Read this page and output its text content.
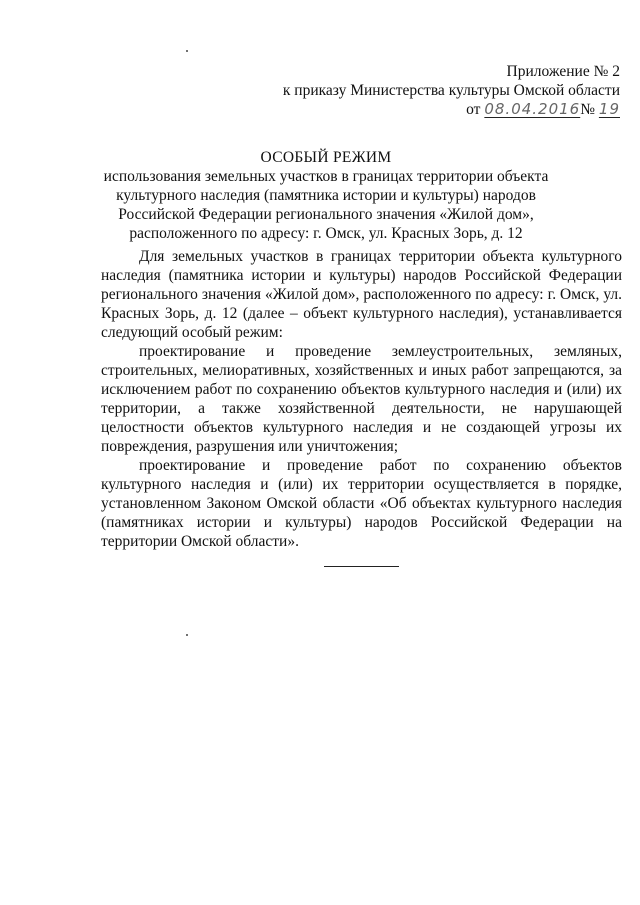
Приложение № 2
к приказу Министерства культуры Омской области
от 08.04.2016№ 19
ОСОБЫЙ РЕЖИМ

использования земельных участков в границах территории объекта культурного наследия (памятника истории и культуры) народов Российской Федерации регионального значения «Жилой дом», расположенного по адресу: г. Омск, ул. Красных Зорь, д. 12

Для земельных участков в границах территории объекта культурного наследия (памятника истории и культуры) народов Российской Федерации регионального значения «Жилой дом», расположенного по адресу: г. Омск, ул. Красных Зорь, д. 12 (далее – объект культурного наследия), устанавливается следующий особый режим:

проектирование и проведение землеустроительных, земляных, строительных, мелиоративных, хозяйственных и иных работ запрещаются, за исключением работ по сохранению объектов культурного наследия и (или) их территории, а также хозяйственной деятельности, не нарушающей целостности объектов культурного наследия и не создающей угрозы их повреждения, разрушения или уничтожения;

проектирование и проведение работ по сохранению объектов культурного наследия и (или) их территории осуществляется в порядке, установленном Законом Омской области «Об объектах культурного наследия (памятниках истории и культуры) народов Российской Федерации на территории Омской области».
